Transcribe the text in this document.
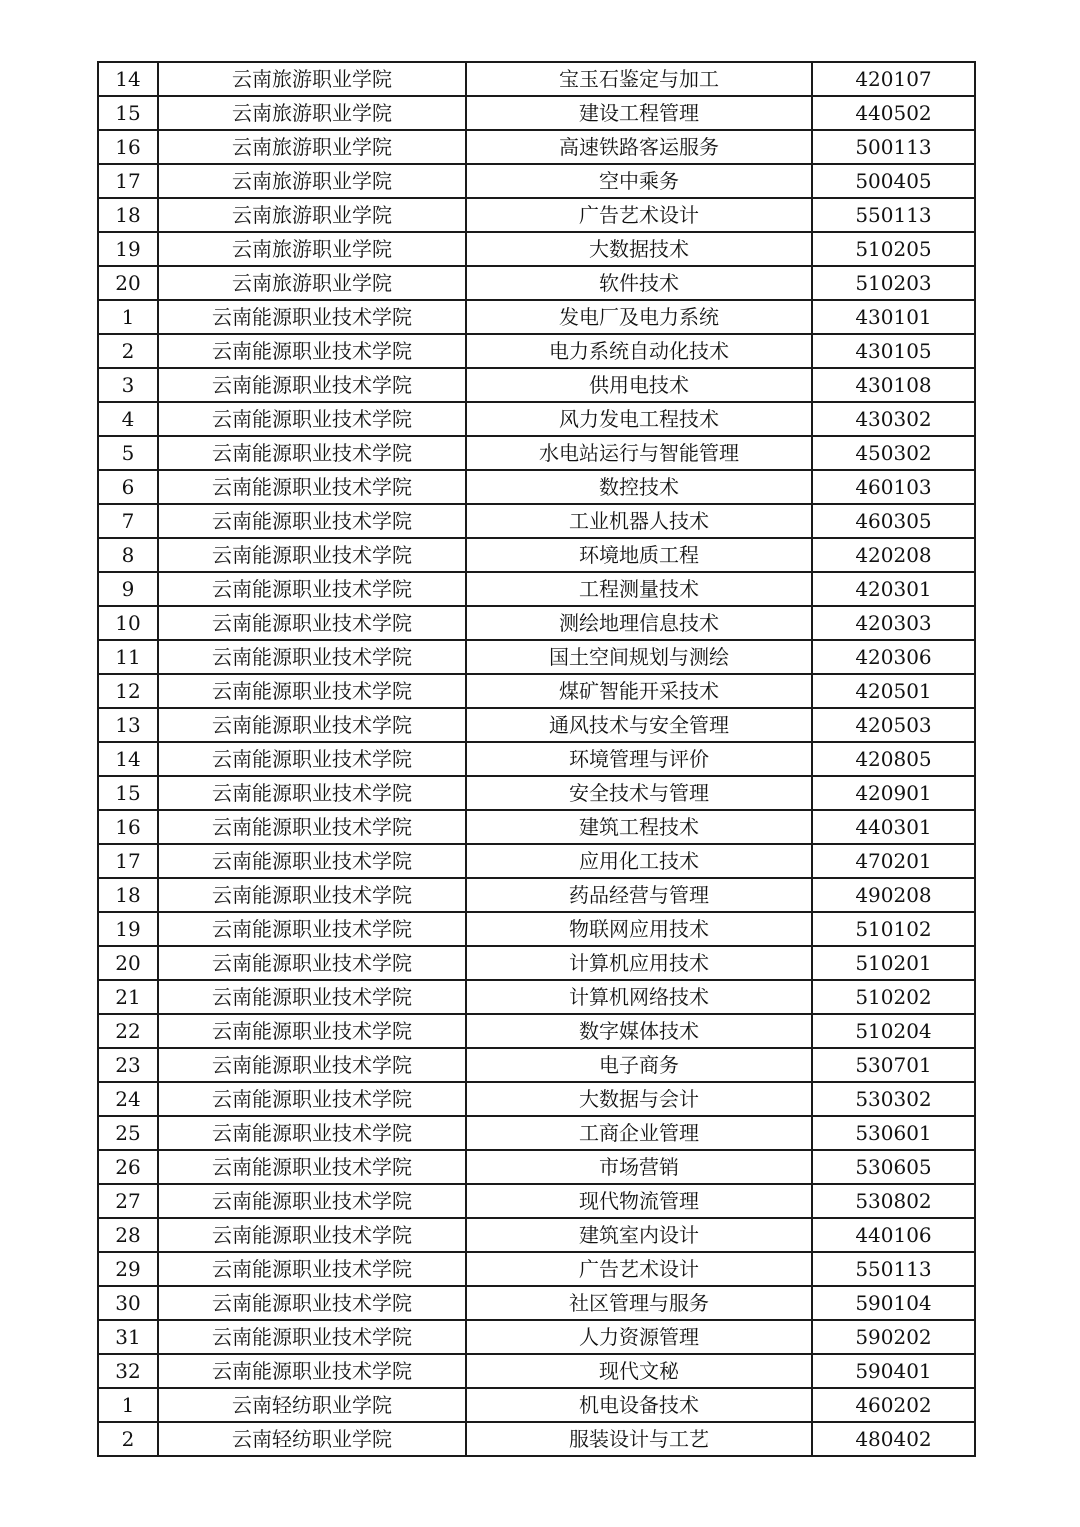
14	云南旅游职业学院	宝玉石鉴定与加工	420107
15	云南旅游职业学院	建设工程管理	440502
16	云南旅游职业学院	高速铁路客运服务	500113
17	云南旅游职业学院	空中乘务	500405
18	云南旅游职业学院	广告艺术设计	550113
19	云南旅游职业学院	大数据技术	510205
20	云南旅游职业学院	软件技术	510203
1	云南能源职业技术学院	发电厂及电力系统	430101
2	云南能源职业技术学院	电力系统自动化技术	430105
3	云南能源职业技术学院	供用电技术	430108
4	云南能源职业技术学院	风力发电工程技术	430302
5	云南能源职业技术学院	水电站运行与智能管理	450302
6	云南能源职业技术学院	数控技术	460103
7	云南能源职业技术学院	工业机器人技术	460305
8	云南能源职业技术学院	环境地质工程	420208
9	云南能源职业技术学院	工程测量技术	420301
10	云南能源职业技术学院	测绘地理信息技术	420303
11	云南能源职业技术学院	国土空间规划与测绘	420306
12	云南能源职业技术学院	煤矿智能开采技术	420501
13	云南能源职业技术学院	通风技术与安全管理	420503
14	云南能源职业技术学院	环境管理与评价	420805
15	云南能源职业技术学院	安全技术与管理	420901
16	云南能源职业技术学院	建筑工程技术	440301
17	云南能源职业技术学院	应用化工技术	470201
18	云南能源职业技术学院	药品经营与管理	490208
19	云南能源职业技术学院	物联网应用技术	510102
20	云南能源职业技术学院	计算机应用技术	510201
21	云南能源职业技术学院	计算机网络技术	510202
22	云南能源职业技术学院	数字媒体技术	510204
23	云南能源职业技术学院	电子商务	530701
24	云南能源职业技术学院	大数据与会计	530302
25	云南能源职业技术学院	工商企业管理	530601
26	云南能源职业技术学院	市场营销	530605
27	云南能源职业技术学院	现代物流管理	530802
28	云南能源职业技术学院	建筑室内设计	440106
29	云南能源职业技术学院	广告艺术设计	550113
30	云南能源职业技术学院	社区管理与服务	590104
31	云南能源职业技术学院	人力资源管理	590202
32	云南能源职业技术学院	现代文秘	590401
1	云南轻纺职业学院	机电设备技术	460202
2	云南轻纺职业学院	服装设计与工艺	480402
